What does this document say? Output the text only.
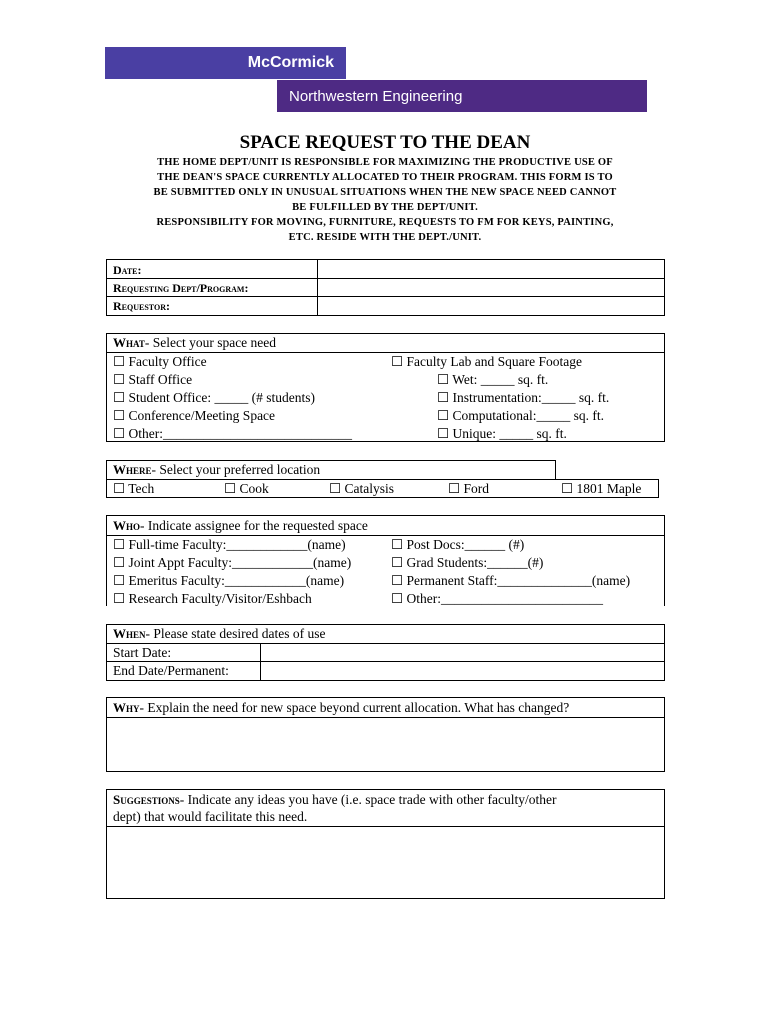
McCormick
Northwestern Engineering
SPACE REQUEST TO THE DEAN

THE HOME DEPT/UNIT IS RESPONSIBLE FOR MAXIMIZING THE PRODUCTIVE USE OF

THE DEAN'S SPACE CURRENTLY ALLOCATED TO THEIR PROGRAM. THIS FORM IS TO

BE SUBMITTED ONLY IN UNUSUAL SITUATIONS WHEN THE NEW SPACE NEED CANNOT

BE FULFILLED BY THE DEPT/UNIT.

RESPONSIBILITY FOR MOVING, FURNITURE, REQUESTS TO FM FOR KEYS, PAINTING,

ETC. RESIDE WITH THE DEPT./UNIT.

Date:
Requesting Dept/Program:
Requestor:
What- Select your space need
☐ Faculty Office
☐ Staff Office
☐ Student Office: _____ (# students)
☐ Conference/Meeting Space
☐ Other:____________________________
☐ Faculty Lab and Square Footage
☐ Wet: _____ sq. ft.
☐ Instrumentation:_____ sq. ft.
☐ Computational:_____ sq. ft.
☐ Unique: _____ sq. ft.
Where- Select your preferred location
☐ Tech	☐ Cook	☐ Catalysis	☐ Ford	☐ 1801 Maple
Who- Indicate assignee for the requested space
☐ Full-time Faculty:____________(name)
☐ Joint Appt Faculty:____________(name)
☐ Emeritus Faculty:____________(name)
☐ Research Faculty/Visitor/Eshbach
☐ Post Docs:______ (#)
☐ Grad Students:______(#)
☐ Permanent Staff:______________(name)
☐ Other:________________________
When- Please state desired dates of use
Start Date:
End Date/Permanent:
Why- Explain the need for new space beyond current allocation. What has changed?
Suggestions- Indicate any ideas you have (i.e. space trade with other faculty/other
dept) that would facilitate this need.
